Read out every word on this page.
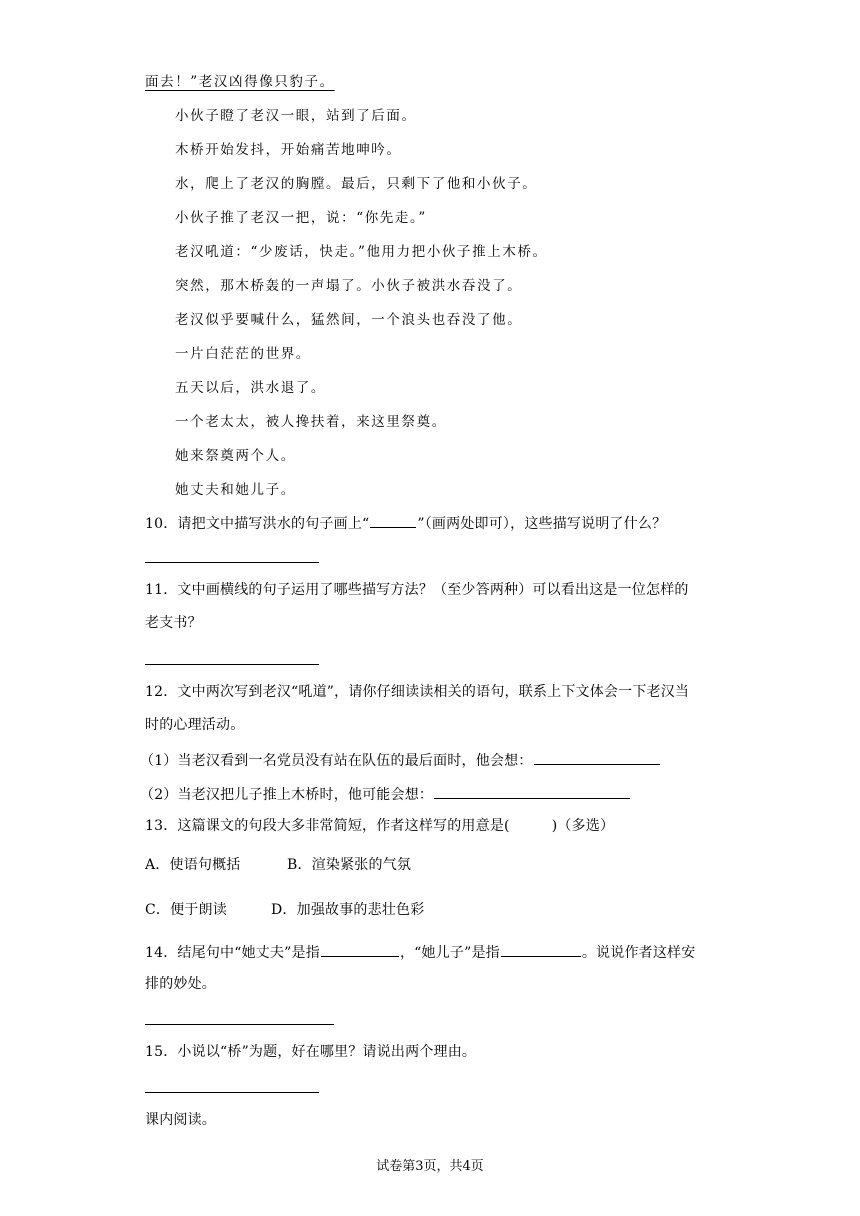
面去！”老汉凶得像只豹子。
小伙子瞪了老汉一眼，站到了后面。
木桥开始发抖，开始痛苦地呻吟。
水，爬上了老汉的胸膛。最后，只剩下了他和小伙子。
小伙子推了老汉一把，说：“你先走。”
老汉吼道：“少废话，快走。”他用力把小伙子推上木桥。
突然，那木桥轰的一声塌了。小伙子被洪水吞没了。
老汉似乎要喊什么，猛然间，一个浪头也吞没了他。
一片白茫茫的世界。
五天以后，洪水退了。
一个老太太，被人搀扶着，来这里祭奠。
她来祭奠两个人。
她丈夫和她儿子。
10．请把文中描写洪水的句子画上“	”（画两处即可），这些描写说明了什么？
11．文中画横线的句子运用了哪些描写方法？（至少答两种）可以看出这是一位怎样的
老支书？
12．文中两次写到老汉“吼道”，请你仔细读读相关的语句，联系上下文体会一下老汉当
时的心理活动。
（1）当老汉看到一名党员没有站在队伍的最后面时，他会想：
（2）当老汉把儿子推上木桥时，他可能会想：
13．这篇课文的句段大多非常简短，作者这样写的用意是(	)（多选）
A．使语句概括	B．渲染紧张的气氛
C．便于朗读	D．加强故事的悲壮色彩
14．结尾句中“她丈夫”是指	，“她儿子”是指	。说说作者这样安
排的妙处。
15．小说以“桥”为题，好在哪里？请说出两个理由。
课内阅读。
试卷第3页，共4页
